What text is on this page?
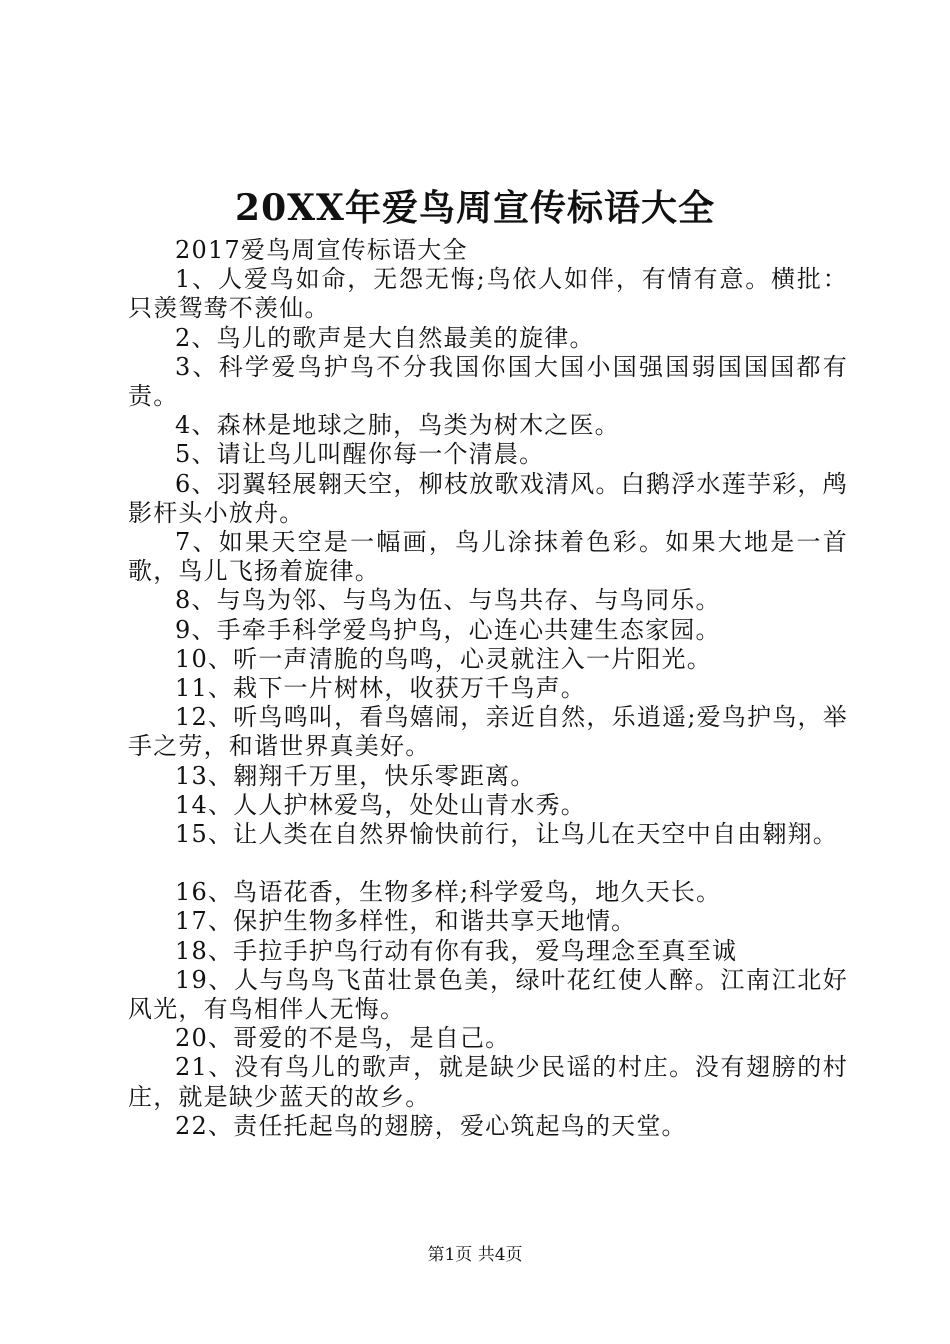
20XX年爱鸟周宣传标语大全

2017爱鸟周宣传标语大全

1、人爱鸟如命，无怨无悔;鸟依人如伴，有情有意。横批：只羡鸳鸯不羡仙。

2、鸟儿的歌声是大自然最美的旋律。

3、科学爱鸟护鸟不分我国你国大国小国强国弱国国国都有责。

4、森林是地球之肺，鸟类为树木之医。

5、请让鸟儿叫醒你每一个清晨。

6、羽翼轻展翱天空，柳枝放歌戏清风。白鹅浮水莲芋彩，鸬影杆头小放舟。

7、如果天空是一幅画，鸟儿涂抹着色彩。如果大地是一首歌，鸟儿飞扬着旋律。

8、与鸟为邻、与鸟为伍、与鸟共存、与鸟同乐。

9、手牵手科学爱鸟护鸟，心连心共建生态家园。

10、听一声清脆的鸟鸣，心灵就注入一片阳光。

11、栽下一片树林，收获万千鸟声。

12、听鸟鸣叫，看鸟嬉闹，亲近自然，乐逍遥;爱鸟护鸟，举手之劳，和谐世界真美好。

13、翱翔千万里，快乐零距离。

14、人人护林爱鸟，处处山青水秀。

15、让人类在自然界愉快前行，让鸟儿在天空中自由翱翔。

16、鸟语花香，生物多样;科学爱鸟，地久天长。

17、保护生物多样性，和谐共享天地情。

18、手拉手护鸟行动有你有我，爱鸟理念至真至诚

19、人与鸟鸟飞苗壮景色美，绿叶花红使人醉。江南江北好风光，有鸟相伴人无悔。

20、哥爱的不是鸟，是自己。

21、没有鸟儿的歌声，就是缺少民谣的村庄。没有翅膀的村庄，就是缺少蓝天的故乡。

22、责任托起鸟的翅膀，爱心筑起鸟的天堂。

第1页 共4页
